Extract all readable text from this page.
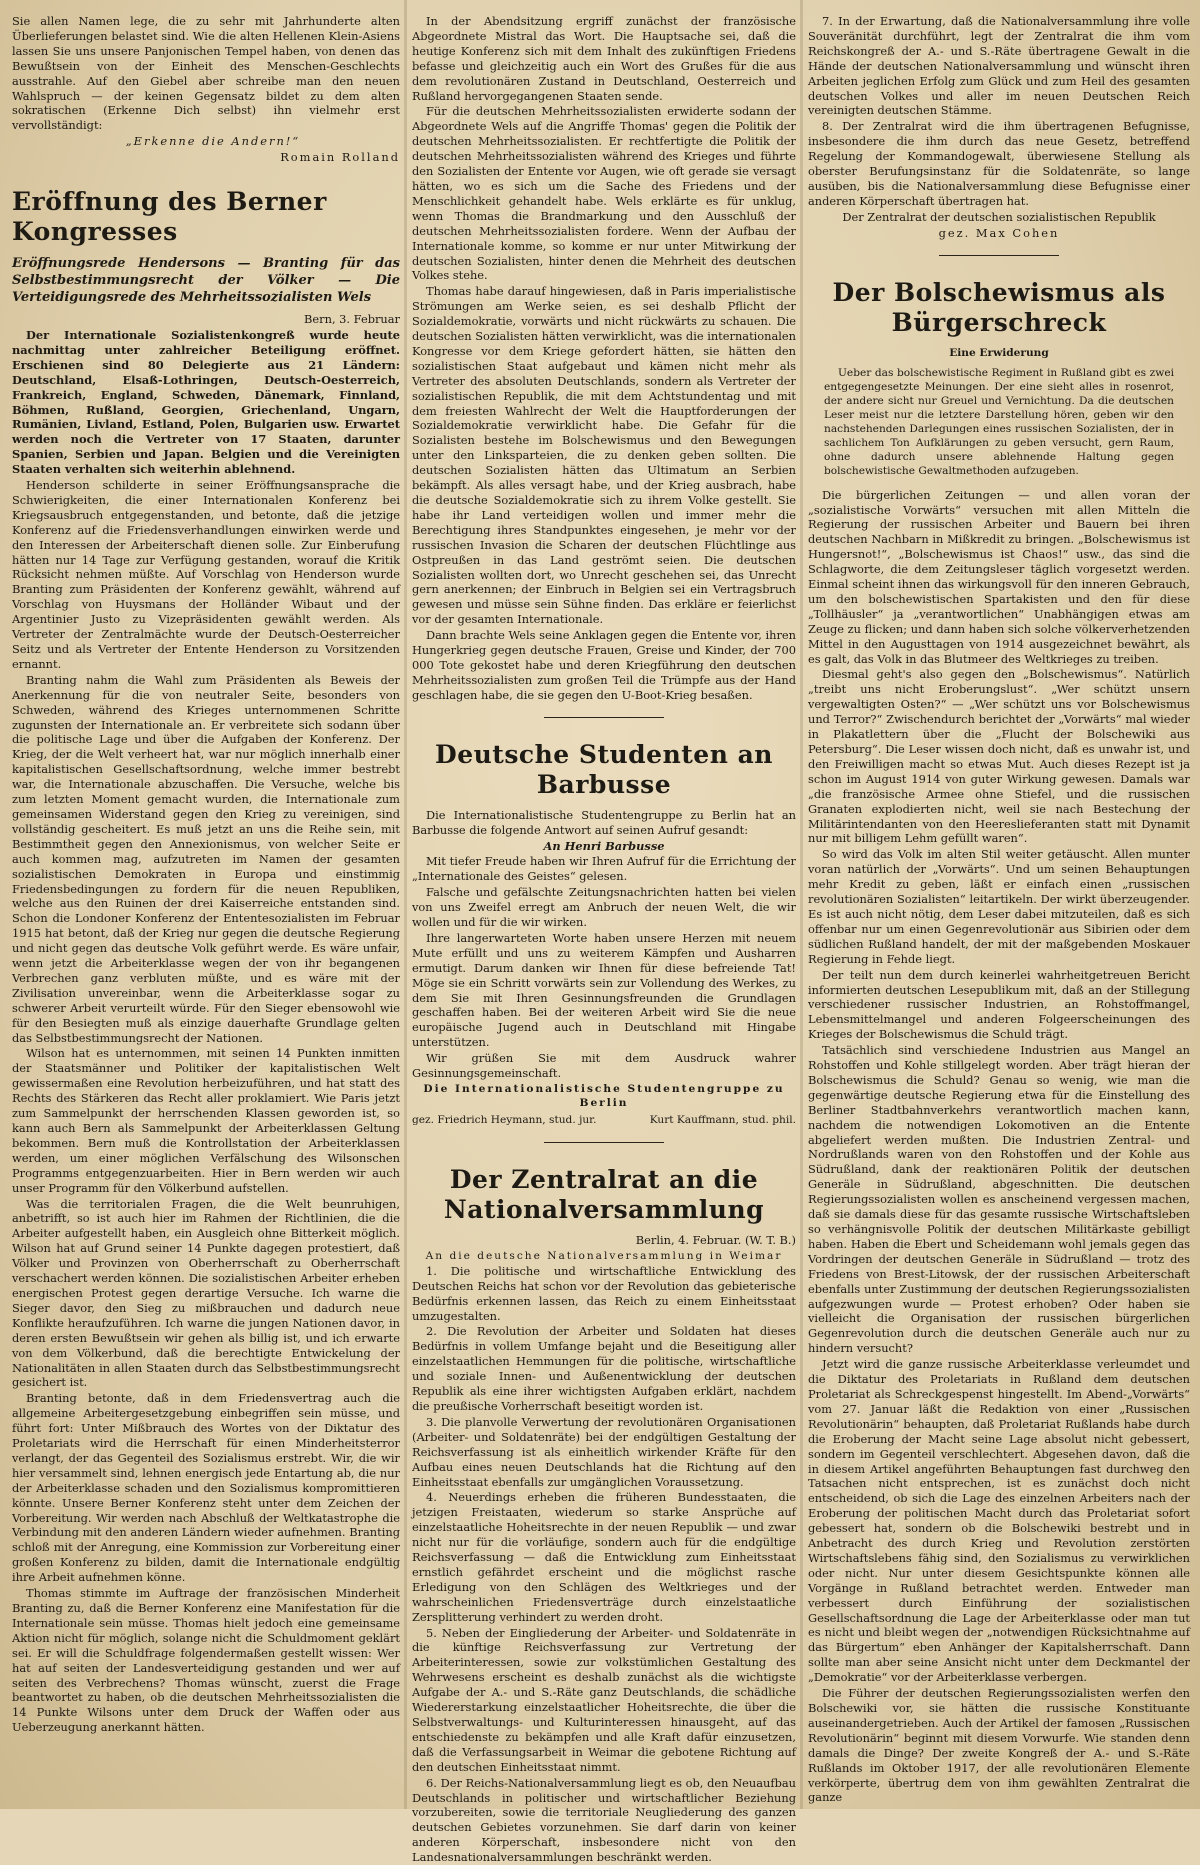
Sie allen Namen lege, die zu sehr mit Jahrhunderte alten Überlieferungen belastet sind. Wie die alten Hellenen Klein-Asiens lassen Sie uns unsere Panjonischen Tempel haben, von denen das Bewußtsein von der Einheit des Menschen-Geschlechts ausstrahle. Auf den Giebel aber schreibe man den neuen Wahlspruch — der keinen Gegensatz bildet zu dem alten sokratischen (Erkenne Dich selbst) ihn vielmehr erst vervollständigt:

„Erkenne die Andern!“

Romain Rolland

Eröffnung des Berner Kongresses
Eröffnungsrede Hendersons — Branting für das Selbstbestimmungsrecht der Völker — Die Verteidigungsrede des Mehrheitssozialisten Wels

Bern, 3. Februar

Der Internationale Sozialistenkongreß wurde heute nachmittag unter zahlreicher Beteiligung eröffnet. Erschienen sind 80 Delegierte aus 21 Ländern: Deutschland, Elsaß-Lothringen, Deutsch-Oesterreich, Frankreich, England, Schweden, Dänemark, Finnland, Böhmen, Rußland, Georgien, Griechenland, Ungarn, Rumänien, Livland, Estland, Polen, Bulgarien usw. Erwartet werden noch die Vertreter von 17 Staaten, darunter Spanien, Serbien und Japan. Belgien und die Vereinigten Staaten verhalten sich weiterhin ablehnend.

Henderson schilderte in seiner Eröffnungsansprache die Schwierigkeiten, die einer Internationalen Konferenz bei Kriegsausbruch entgegenstanden, und betonte, daß die jetzige Konferenz auf die Friedensverhandlungen einwirken werde und den Interessen der Arbeiterschaft dienen solle. Zur Einberufung hätten nur 14 Tage zur Verfügung gestanden, worauf die Kritik Rücksicht nehmen müßte. Auf Vorschlag von Henderson wurde Branting zum Präsidenten der Konferenz gewählt, während auf Vorschlag von Huysmans der Holländer Wibaut und der Argentinier Justo zu Vizepräsidenten gewählt werden. Als Vertreter der Zentralmächte wurde der Deutsch-Oesterreicher Seitz und als Vertreter der Entente Henderson zu Vorsitzenden ernannt.

Branting nahm die Wahl zum Präsidenten als Beweis der Anerkennung für die von neutraler Seite, besonders von Schweden, während des Krieges unternommenen Schritte zugunsten der Internationale an. Er verbreitete sich sodann über die politische Lage und über die Aufgaben der Konferenz. Der Krieg, der die Welt verheert hat, war nur möglich innerhalb einer kapitalistischen Gesellschaftsordnung, welche immer bestrebt war, die Internationale abzuschaffen. Die Versuche, welche bis zum letzten Moment gemacht wurden, die Internationale zum gemeinsamen Widerstand gegen den Krieg zu vereinigen, sind vollständig gescheitert. Es muß jetzt an uns die Reihe sein, mit Bestimmtheit gegen den Annexionismus, von welcher Seite er auch kommen mag, aufzutreten im Namen der gesamten sozialistischen Demokraten in Europa und einstimmig Friedensbedingungen zu fordern für die neuen Republiken, welche aus den Ruinen der drei Kaiserreiche entstanden sind. Schon die Londoner Konferenz der Ententesozialisten im Februar 1915 hat betont, daß der Krieg nur gegen die deutsche Regierung und nicht gegen das deutsche Volk geführt werde. Es wäre unfair, wenn jetzt die Arbeiterklasse wegen der von ihr begangenen Verbrechen ganz verbluten müßte, und es wäre mit der Zivilisation unvereinbar, wenn die Arbeiterklasse sogar zu schwerer Arbeit verurteilt würde. Für den Sieger ebensowohl wie für den Besiegten muß als einzige dauerhafte Grundlage gelten das Selbstbestimmungsrecht der Nationen.

Wilson hat es unternommen, mit seinen 14 Punkten inmitten der Staatsmänner und Politiker der kapitalistischen Welt gewissermaßen eine Revolution herbeizuführen, und hat statt des Rechts des Stärkeren das Recht aller proklamiert. Wie Paris jetzt zum Sammelpunkt der herrschenden Klassen geworden ist, so kann auch Bern als Sammelpunkt der Arbeiterklassen Geltung bekommen. Bern muß die Kontrollstation der Arbeiterklassen werden, um einer möglichen Verfälschung des Wilsonschen Programms entgegenzuarbeiten. Hier in Bern werden wir auch unser Programm für den Völkerbund aufstellen.

Was die territorialen Fragen, die die Welt beunruhigen, anbetrifft, so ist auch hier im Rahmen der Richtlinien, die die Arbeiter aufgestellt haben, ein Ausgleich ohne Bitterkeit möglich. Wilson hat auf Grund seiner 14 Punkte dagegen protestiert, daß Völker und Provinzen von Oberherrschaft zu Oberherrschaft verschachert werden können. Die sozialistischen Arbeiter erheben energischen Protest gegen derartige Versuche. Ich warne die Sieger davor, den Sieg zu mißbrauchen und dadurch neue Konflikte heraufzuführen. Ich warne die jungen Nationen davor, in deren ersten Bewußtsein wir gehen als billig ist, und ich erwarte von dem Völkerbund, daß die berechtigte Entwickelung der Nationalitäten in allen Staaten durch das Selbstbestimmungsrecht gesichert ist.

Branting betonte, daß in dem Friedensvertrag auch die allgemeine Arbeitergesetzgebung einbegriffen sein müsse, und führt fort: Unter Mißbrauch des Wortes von der Diktatur des Proletariats wird die Herrschaft für einen Minderheitsterror verlangt, der das Gegenteil des Sozialismus erstrebt. Wir, die wir hier versammelt sind, lehnen energisch jede Entartung ab, die nur der Arbeiterklasse schaden und den Sozialismus kompromittieren könnte. Unsere Berner Konferenz steht unter dem Zeichen der Vorbereitung. Wir werden nach Abschluß der Weltkatastrophe die Verbindung mit den anderen Ländern wieder aufnehmen. Branting schloß mit der Anregung, eine Kommission zur Vorbereitung einer großen Konferenz zu bilden, damit die Internationale endgültig ihre Arbeit aufnehmen könne.

Thomas stimmte im Auftrage der französischen Minderheit Branting zu, daß die Berner Konferenz eine Manifestation für die Internationale sein müsse. Thomas hielt jedoch eine gemeinsame Aktion nicht für möglich, solange nicht die Schuldmoment geklärt sei. Er will die Schuldfrage folgendermaßen gestellt wissen: Wer hat auf seiten der Landesverteidigung gestanden und wer auf seiten des Verbrechens? Thomas wünscht, zuerst die Frage beantwortet zu haben, ob die deutschen Mehrheitssozialisten die 14 Punkte Wilsons unter dem Druck der Waffen oder aus Ueberzeugung anerkannt hätten.

In der Abendsitzung ergriff zunächst der französische Abgeordnete Mistral das Wort. Die Hauptsache sei, daß die heutige Konferenz sich mit dem Inhalt des zukünftigen Friedens befasse und gleichzeitig auch ein Wort des Grußes für die aus dem revolutionären Zustand in Deutschland, Oesterreich und Rußland hervorgegangenen Staaten sende.

Für die deutschen Mehrheitssozialisten erwiderte sodann der Abgeordnete Wels auf die Angriffe Thomas' gegen die Politik der deutschen Mehrheitssozialisten. Er rechtfertigte die Politik der deutschen Mehrheitssozialisten während des Krieges und führte den Sozialisten der Entente vor Augen, wie oft gerade sie versagt hätten, wo es sich um die Sache des Friedens und der Menschlichkeit gehandelt habe. Wels erklärte es für unklug, wenn Thomas die Brandmarkung und den Ausschluß der deutschen Mehrheitssozialisten fordere. Wenn der Aufbau der Internationale komme, so komme er nur unter Mitwirkung der deutschen Sozialisten, hinter denen die Mehrheit des deutschen Volkes stehe.

Thomas habe darauf hingewiesen, daß in Paris imperialistische Strömungen am Werke seien, es sei deshalb Pflicht der Sozialdemokratie, vorwärts und nicht rückwärts zu schauen. Die deutschen Sozialisten hätten verwirklicht, was die internationalen Kongresse vor dem Kriege gefordert hätten, sie hätten den sozialistischen Staat aufgebaut und kämen nicht mehr als Vertreter des absoluten Deutschlands, sondern als Vertreter der sozialistischen Republik, die mit dem Achtstundentag und mit dem freiesten Wahlrecht der Welt die Hauptforderungen der Sozialdemokratie verwirklicht habe. Die Gefahr für die Sozialisten bestehe im Bolschewismus und den Bewegungen unter den Linksparteien, die zu denken geben sollten. Die deutschen Sozialisten hätten das Ultimatum an Serbien bekämpft. Als alles versagt habe, und der Krieg ausbrach, habe die deutsche Sozialdemokratie sich zu ihrem Volke gestellt. Sie habe ihr Land verteidigen wollen und immer mehr die Berechtigung ihres Standpunktes eingesehen, je mehr vor der russischen Invasion die Scharen der deutschen Flüchtlinge aus Ostpreußen in das Land geströmt seien. Die deutschen Sozialisten wollten dort, wo Unrecht geschehen sei, das Unrecht gern anerkennen; der Einbruch in Belgien sei ein Vertragsbruch gewesen und müsse sein Sühne finden. Das erkläre er feierlichst vor der gesamten Internationale.

Dann brachte Wels seine Anklagen gegen die Entente vor, ihren Hungerkrieg gegen deutsche Frauen, Greise und Kinder, der 700 000 Tote gekostet habe und deren Kriegführung den deutschen Mehrheitssozialisten zum großen Teil die Trümpfe aus der Hand geschlagen habe, die sie gegen den U-Boot-Krieg besaßen.

Deutsche Studenten an Barbusse

Die Internationalistische Studentengruppe zu Berlin hat an Barbusse die folgende Antwort auf seinen Aufruf gesandt:

An Henri Barbusse

Mit tiefer Freude haben wir Ihren Aufruf für die Errichtung der „Internationale des Geistes“ gelesen.

Falsche und gefälschte Zeitungsnachrichten hatten bei vielen von uns Zweifel erregt am Anbruch der neuen Welt, die wir wollen und für die wir wirken.

Ihre langerwarteten Worte haben unsere Herzen mit neuem Mute erfüllt und uns zu weiterem Kämpfen und Ausharren ermutigt. Darum danken wir Ihnen für diese befreiende Tat! Möge sie ein Schritt vorwärts sein zur Vollendung des Werkes, zu dem Sie mit Ihren Gesinnungsfreunden die Grundlagen geschaffen haben. Bei der weiteren Arbeit wird Sie die neue europäische Jugend auch in Deutschland mit Hingabe unterstützen.

Wir grüßen Sie mit dem Ausdruck wahrer Gesinnungsgemeinschaft.

Die Internationalistische Studentengruppe zu Berlin

gez. Friedrich Heymann, stud. jur.	Kurt Kauffmann, stud. phil.
Der Zentralrat an die Nationalversammlung

Berlin, 4. Februar. (W. T. B.)

An die deutsche Nationalversammlung in Weimar

1. Die politische und wirtschaftliche Entwicklung des Deutschen Reichs hat schon vor der Revolution das gebieterische Bedürfnis erkennen lassen, das Reich zu einem Einheitsstaat umzugestalten.

2. Die Revolution der Arbeiter und Soldaten hat dieses Bedürfnis in vollem Umfange bejaht und die Beseitigung aller einzelstaatlichen Hemmungen für die politische, wirtschaftliche und soziale Innen- und Außenentwicklung der deutschen Republik als eine ihrer wichtigsten Aufgaben erklärt, nachdem die preußische Vorherrschaft beseitigt worden ist.

3. Die planvolle Verwertung der revolutionären Organisationen (Arbeiter- und Soldatenräte) bei der endgültigen Gestaltung der Reichsverfassung ist als einheitlich wirkender Kräfte für den Aufbau eines neuen Deutschlands hat die Richtung auf den Einheitsstaat ebenfalls zur umgänglichen Voraussetzung.

4. Neuerdings erheben die früheren Bundesstaaten, die jetzigen Freistaaten, wiederum so starke Ansprüche auf einzelstaatliche Hoheitsrechte in der neuen Republik — und zwar nicht nur für die vorläufige, sondern auch für die endgültige Reichsverfassung — daß die Entwicklung zum Einheitsstaat ernstlich gefährdet erscheint und die möglichst rasche Erledigung von den Schlägen des Weltkrieges und der wahrscheinlichen Friedensverträge durch einzelstaatliche Zersplitterung verhindert zu werden droht.

5. Neben der Eingliederung der Arbeiter- und Soldatenräte in die künftige Reichsverfassung zur Vertretung der Arbeiterinteressen, sowie zur volkstümlichen Gestaltung des Wehrwesens erscheint es deshalb zunächst als die wichtigste Aufgabe der A.- und S.-Räte ganz Deutschlands, die schädliche Wiedererstarkung einzelstaatlicher Hoheitsrechte, die über die Selbstverwaltungs- und Kulturinteressen hinausgeht, auf das entschiedenste zu bekämpfen und alle Kraft dafür einzusetzen, daß die Verfassungsarbeit in Weimar die gebotene Richtung auf den deutschen Einheitsstaat nimmt.

6. Der Reichs-Nationalversammlung liegt es ob, den Neuaufbau Deutschlands in politischer und wirtschaftlicher Beziehung vorzubereiten, sowie die territoriale Neugliederung des ganzen deutschen Gebietes vorzunehmen. Sie darf darin von keiner anderen Körperschaft, insbesondere nicht von den Landesnationalversammlungen beschränkt werden.

7. In der Erwartung, daß die Nationalversammlung ihre volle Souveränität durchführt, legt der Zentralrat die ihm vom Reichskongreß der A.- und S.-Räte übertragene Gewalt in die Hände der deutschen Nationalversammlung und wünscht ihren Arbeiten jeglichen Erfolg zum Glück und zum Heil des gesamten deutschen Volkes und aller im neuen Deutschen Reich vereinigten deutschen Stämme.

8. Der Zentralrat wird die ihm übertragenen Befugnisse, insbesondere die ihm durch das neue Gesetz, betreffend Regelung der Kommandogewalt, überwiesene Stellung als oberster Berufungsinstanz für die Soldatenräte, so lange ausüben, bis die Nationalversammlung diese Befugnisse einer anderen Körperschaft übertragen hat.

Der Zentralrat der deutschen sozialistischen Republik

gez. Max Cohen

Der Bolschewismus als Bürgerschreck

Eine Erwiderung

Ueber das bolschewistische Regiment in Rußland gibt es zwei entgegengesetzte Meinungen. Der eine sieht alles in rosenrot, der andere sicht nur Greuel und Vernichtung. Da die deutschen Leser meist nur die letztere Darstellung hören, geben wir den nachstehenden Darlegungen eines russischen Sozialisten, der in sachlichem Ton Aufklärungen zu geben versucht, gern Raum, ohne dadurch unsere ablehnende Haltung gegen bolschewistische Gewaltmethoden aufzugeben.

Die bürgerlichen Zeitungen — und allen voran der „sozialistische Vorwärts“ versuchen mit allen Mitteln die Regierung der russischen Arbeiter und Bauern bei ihren deutschen Nachbarn in Mißkredit zu bringen. „Bolschewismus ist Hungersnot!“, „Bolschewismus ist Chaos!“ usw., das sind die Schlagworte, die dem Zeitungsleser täglich vorgesetzt werden. Einmal scheint ihnen das wirkungsvoll für den inneren Gebrauch, um den bolschewistischen Spartakisten und den für diese „Tollhäusler“ ja „verantwortlichen“ Unabhängigen etwas am Zeuge zu flicken; und dann haben sich solche völkerverhetzenden Mittel in den Augusttagen von 1914 ausgezeichnet bewährt, als es galt, das Volk in das Blutmeer des Weltkrieges zu treiben.

Diesmal geht's also gegen den „Bolschewismus“. Natürlich „treibt uns nicht Eroberungslust“. „Wer schützt unsern vergewaltigten Osten?“ — „Wer schützt uns vor Bolschewismus und Terror?“ Zwischendurch berichtet der „Vorwärts“ mal wieder in Plakatlettern über die „Flucht der Bolschewiki aus Petersburg“. Die Leser wissen doch nicht, daß es unwahr ist, und den Freiwilligen macht so etwas Mut. Auch dieses Rezept ist ja schon im August 1914 von guter Wirkung gewesen. Damals war „die französische Armee ohne Stiefel, und die russischen Granaten explodierten nicht, weil sie nach Bestechung der Militärintendanten von den Heereslieferanten statt mit Dynamit nur mit billigem Lehm gefüllt waren“.

So wird das Volk im alten Stil weiter getäuscht. Allen munter voran natürlich der „Vorwärts“. Und um seinen Behauptungen mehr Kredit zu geben, läßt er einfach einen „russischen revolutionären Sozialisten“ leitartikeln. Der wirkt überzeugender. Es ist auch nicht nötig, dem Leser dabei mitzuteilen, daß es sich offenbar nur um einen Gegenrevolutionär aus Sibirien oder dem südlichen Rußland handelt, der mit der maßgebenden Moskauer Regierung in Fehde liegt.

Der teilt nun dem durch keinerlei wahrheitgetreuen Bericht informierten deutschen Lesepublikum mit, daß an der Stillegung verschiedener russischer Industrien, an Rohstoffmangel, Lebensmittelmangel und anderen Folgeerscheinungen des Krieges der Bolschewismus die Schuld trägt.

Tatsächlich sind verschiedene Industrien aus Mangel an Rohstoffen und Kohle stillgelegt worden. Aber trägt hieran der Bolschewismus die Schuld? Genau so wenig, wie man die gegenwärtige deutsche Regierung etwa für die Einstellung des Berliner Stadtbahnverkehrs verantwortlich machen kann, nachdem die notwendigen Lokomotiven an die Entente abgeliefert werden mußten. Die Industrien Zentral- und Nordrußlands waren von den Rohstoffen und der Kohle aus Südrußland, dank der reaktionären Politik der deutschen Generäle in Südrußland, abgeschnitten. Die deutschen Regierungssozialisten wollen es anscheinend vergessen machen, daß sie damals diese für das gesamte russische Wirtschaftsleben so verhängnisvolle Politik der deutschen Militärkaste gebilligt haben. Haben die Ebert und Scheidemann wohl jemals gegen das Vordringen der deutschen Generäle in Südrußland — trotz des Friedens von Brest-Litowsk, der der russischen Arbeiterschaft ebenfalls unter Zustimmung der deutschen Regierungssozialisten aufgezwungen wurde — Protest erhoben? Oder haben sie vielleicht die Organisation der russischen bürgerlichen Gegenrevolution durch die deutschen Generäle auch nur zu hindern versucht?

Jetzt wird die ganze russische Arbeiterklasse verleumdet und die Diktatur des Proletariats in Rußland dem deutschen Proletariat als Schreckgespenst hingestellt. Im Abend-„Vorwärts“ vom 27. Januar läßt die Redaktion von einer „Russischen Revolutionärin“ behaupten, daß Proletariat Rußlands habe durch die Eroberung der Macht seine Lage absolut nicht gebessert, sondern im Gegenteil verschlechtert. Abgesehen davon, daß die in diesem Artikel angeführten Behauptungen fast durchweg den Tatsachen nicht entsprechen, ist es zunächst doch nicht entscheidend, ob sich die Lage des einzelnen Arbeiters nach der Eroberung der politischen Macht durch das Proletariat sofort gebessert hat, sondern ob die Bolschewiki bestrebt und in Anbetracht des durch Krieg und Revolution zerstörten Wirtschaftslebens fähig sind, den Sozialismus zu verwirklichen oder nicht. Nur unter diesem Gesichtspunkte können alle Vorgänge in Rußland betrachtet werden. Entweder man verbessert durch Einführung der sozialistischen Gesellschaftsordnung die Lage der Arbeiterklasse oder man tut es nicht und bleibt wegen der „notwendigen Rücksichtnahme auf das Bürgertum“ eben Anhänger der Kapitalsherrschaft. Dann sollte man aber seine Ansicht nicht unter dem Deckmantel der „Demokratie“ vor der Arbeiterklasse verbergen.

Die Führer der deutschen Regierungssozialisten werfen den Bolschewiki vor, sie hätten die russische Konstituante auseinandergetrieben. Auch der Artikel der famosen „Russischen Revolutionärin“ beginnt mit diesem Vorwurfe. Wie standen denn damals die Dinge? Der zweite Kongreß der A.- und S.-Räte Rußlands im Oktober 1917, der alle revolutionären Elemente verkörperte, übertrug dem von ihm gewählten Zentralrat die ganze
